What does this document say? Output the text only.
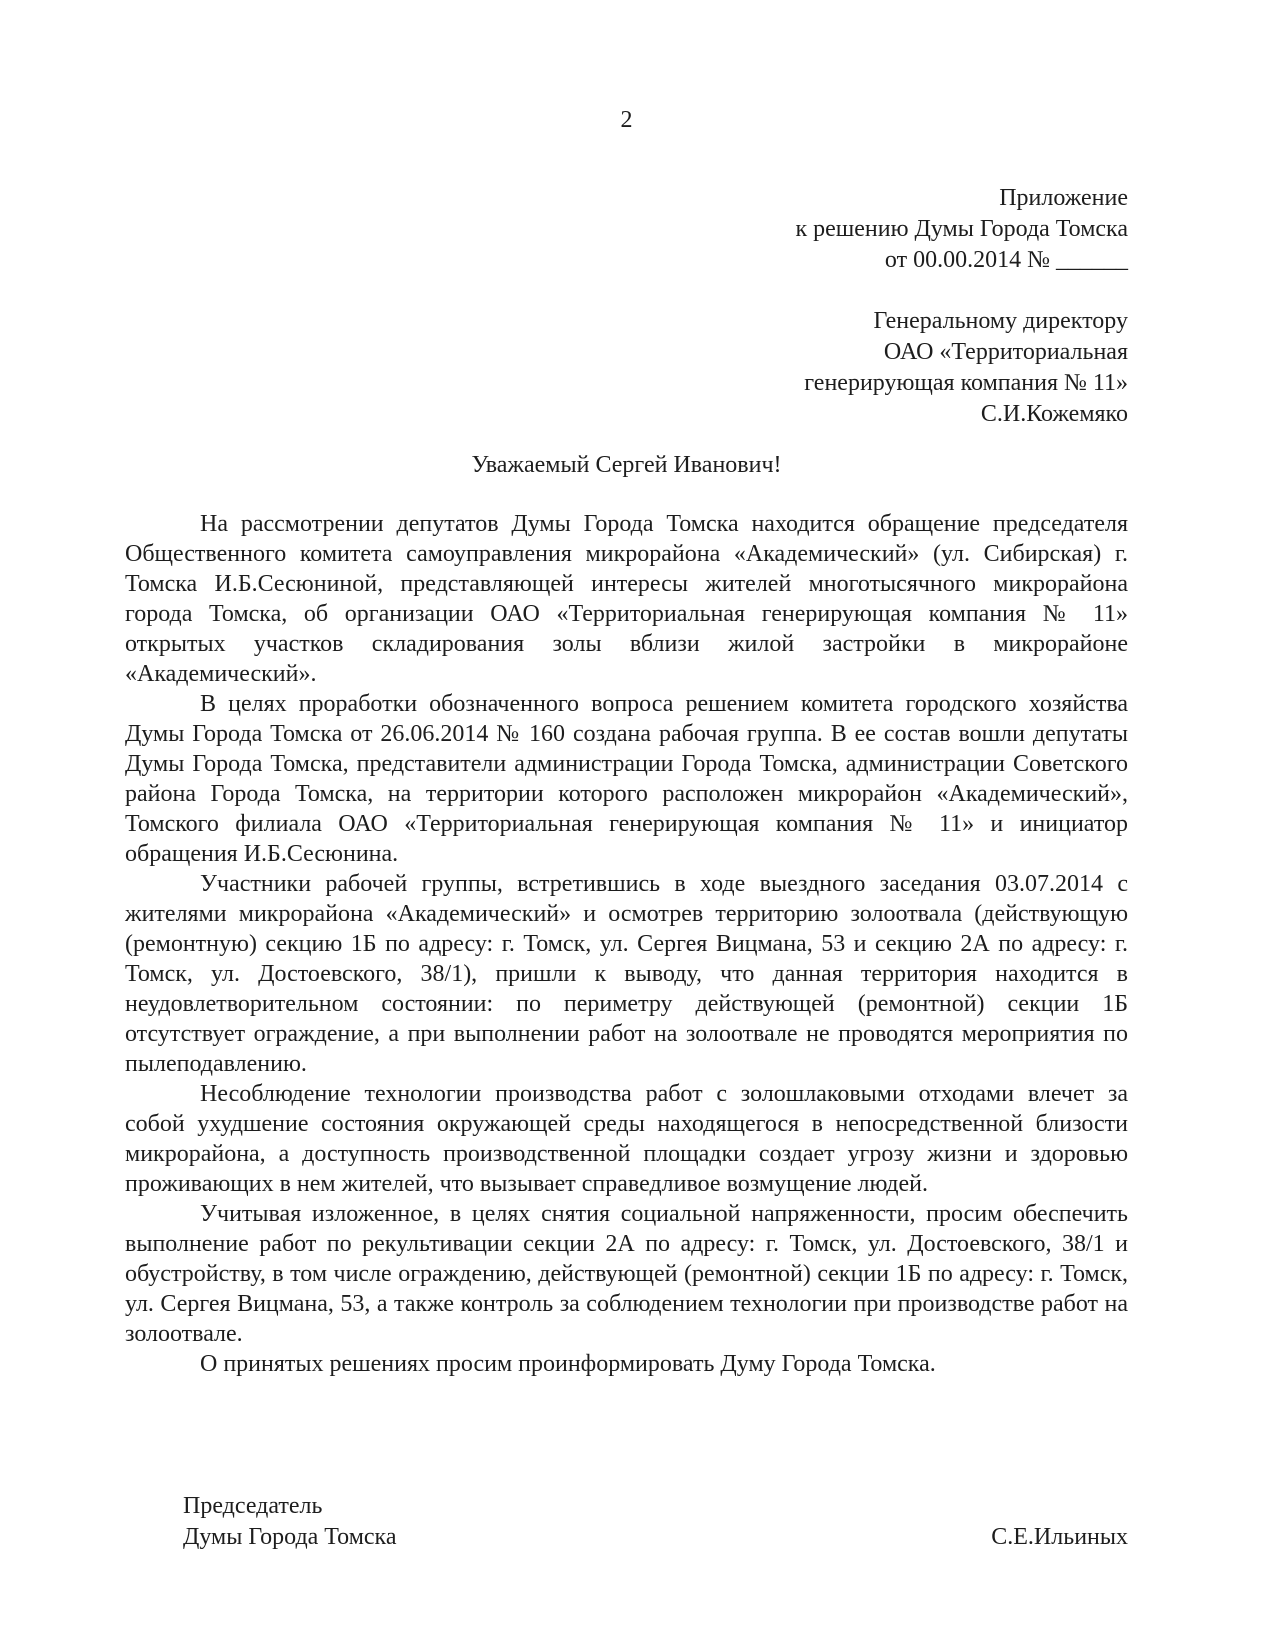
2
Приложение
к решению Думы Города Томска
от 00.00.2014 № ______
Генеральному директору
ОАО «Территориальная
генерирующая компания № 11»
С.И.Кожемяко
Уважаемый Сергей Иванович!

На рассмотрении депутатов Думы Города Томска находится обращение председателя Общественного комитета самоуправления микрорайона «Академический» (ул. Сибирская) г. Томска И.Б.Сесюниной, представляющей интересы жителей многотысячного микрорайона города Томска, об организации ОАО «Территориальная генерирующая компания № 11» открытых участков складирования золы вблизи жилой застройки в микрорайоне «Академический».

В целях проработки обозначенного вопроса решением комитета городского хозяйства Думы Города Томска от 26.06.2014 № 160 создана рабочая группа. В ее состав вошли депутаты Думы Города Томска, представители администрации Города Томска, администрации Советского района Города Томска, на территории которого расположен микрорайон «Академический», Томского филиала ОАО «Территориальная генерирующая компания № 11» и инициатор обращения И.Б.Сесюнина.

Участники рабочей группы, встретившись в ходе выездного заседания 03.07.2014 с жителями микрорайона «Академический» и осмотрев территорию золоотвала (действующую (ремонтную) секцию 1Б по адресу: г. Томск, ул. Сергея Вицмана, 53 и секцию 2А по адресу: г. Томск, ул. Достоевского, 38/1), пришли к выводу, что данная территория находится в неудовлетворительном состоянии: по периметру действующей (ремонтной) секции 1Б отсутствует ограждение, а при выполнении работ на золоотвале не проводятся мероприятия по пылеподавлению.

Несоблюдение технологии производства работ с золошлаковыми отходами влечет за собой ухудшение состояния окружающей среды находящегося в непосредственной близости микрорайона, а доступность производственной площадки создает угрозу жизни и здоровью проживающих в нем жителей, что вызывает справедливое возмущение людей.

Учитывая изложенное, в целях снятия социальной напряженности, просим обеспечить выполнение работ по рекультивации секции 2А по адресу: г. Томск, ул. Достоевского, 38/1 и обустройству, в том числе ограждению, действующей (ремонтной) секции 1Б по адресу: г. Томск, ул. Сергея Вицмана, 53, а также контроль за соблюдением технологии при производстве работ на золоотвале.

О принятых решениях просим проинформировать Думу Города Томска.

Председатель
Думы Города Томска	С.Е.Ильиных
